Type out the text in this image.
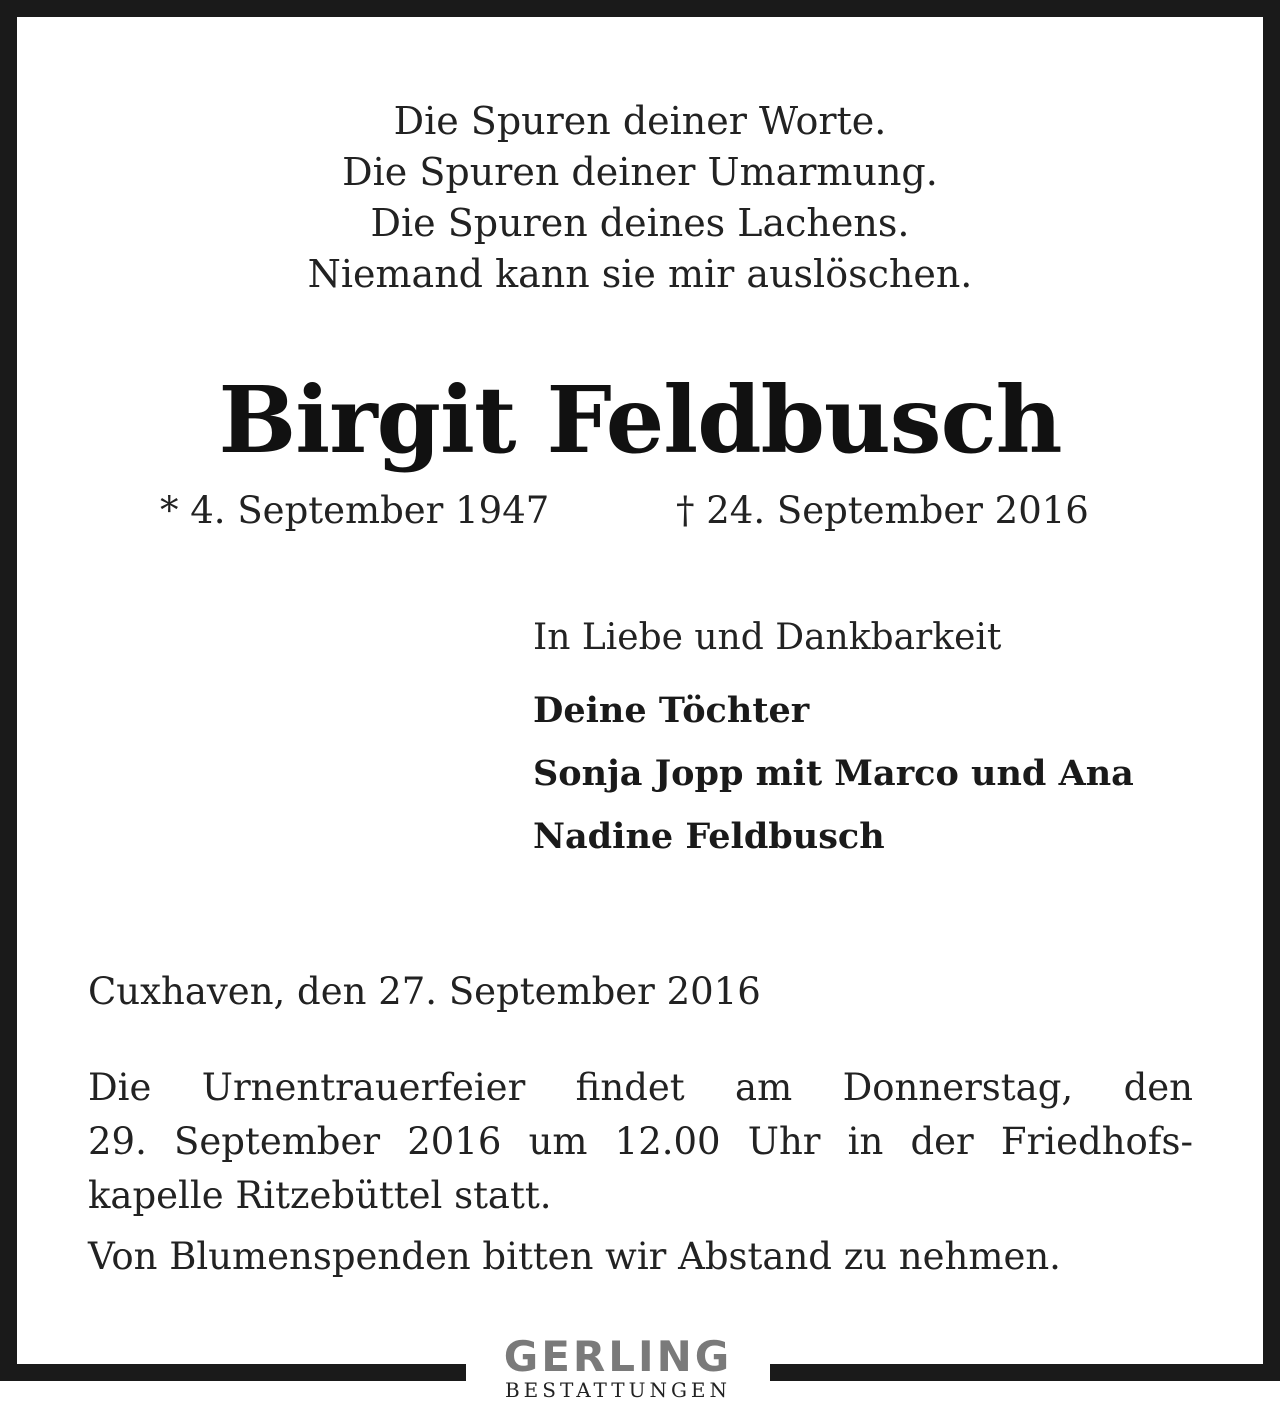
Die Spuren deiner Worte.
Die Spuren deiner Umarmung.
Die Spuren deines Lachens.
Niemand kann sie mir auslöschen.
Birgit Feldbusch
* 4. September 1947	† 24. September 2016
In Liebe und Dankbarkeit
Deine Töchter
Sonja Jopp mit Marco und Ana
Nadine Feldbusch
Cuxhaven, den 27. September 2016
Die Urnentrauerfeier findet am Donnerstag, den
29. September 2016 um 12.00 Uhr in der Friedhofs-
kapelle Ritzebüttel statt.
Von Blumenspenden bitten wir Abstand zu nehmen.
GERLING
BESTATTUNGEN
